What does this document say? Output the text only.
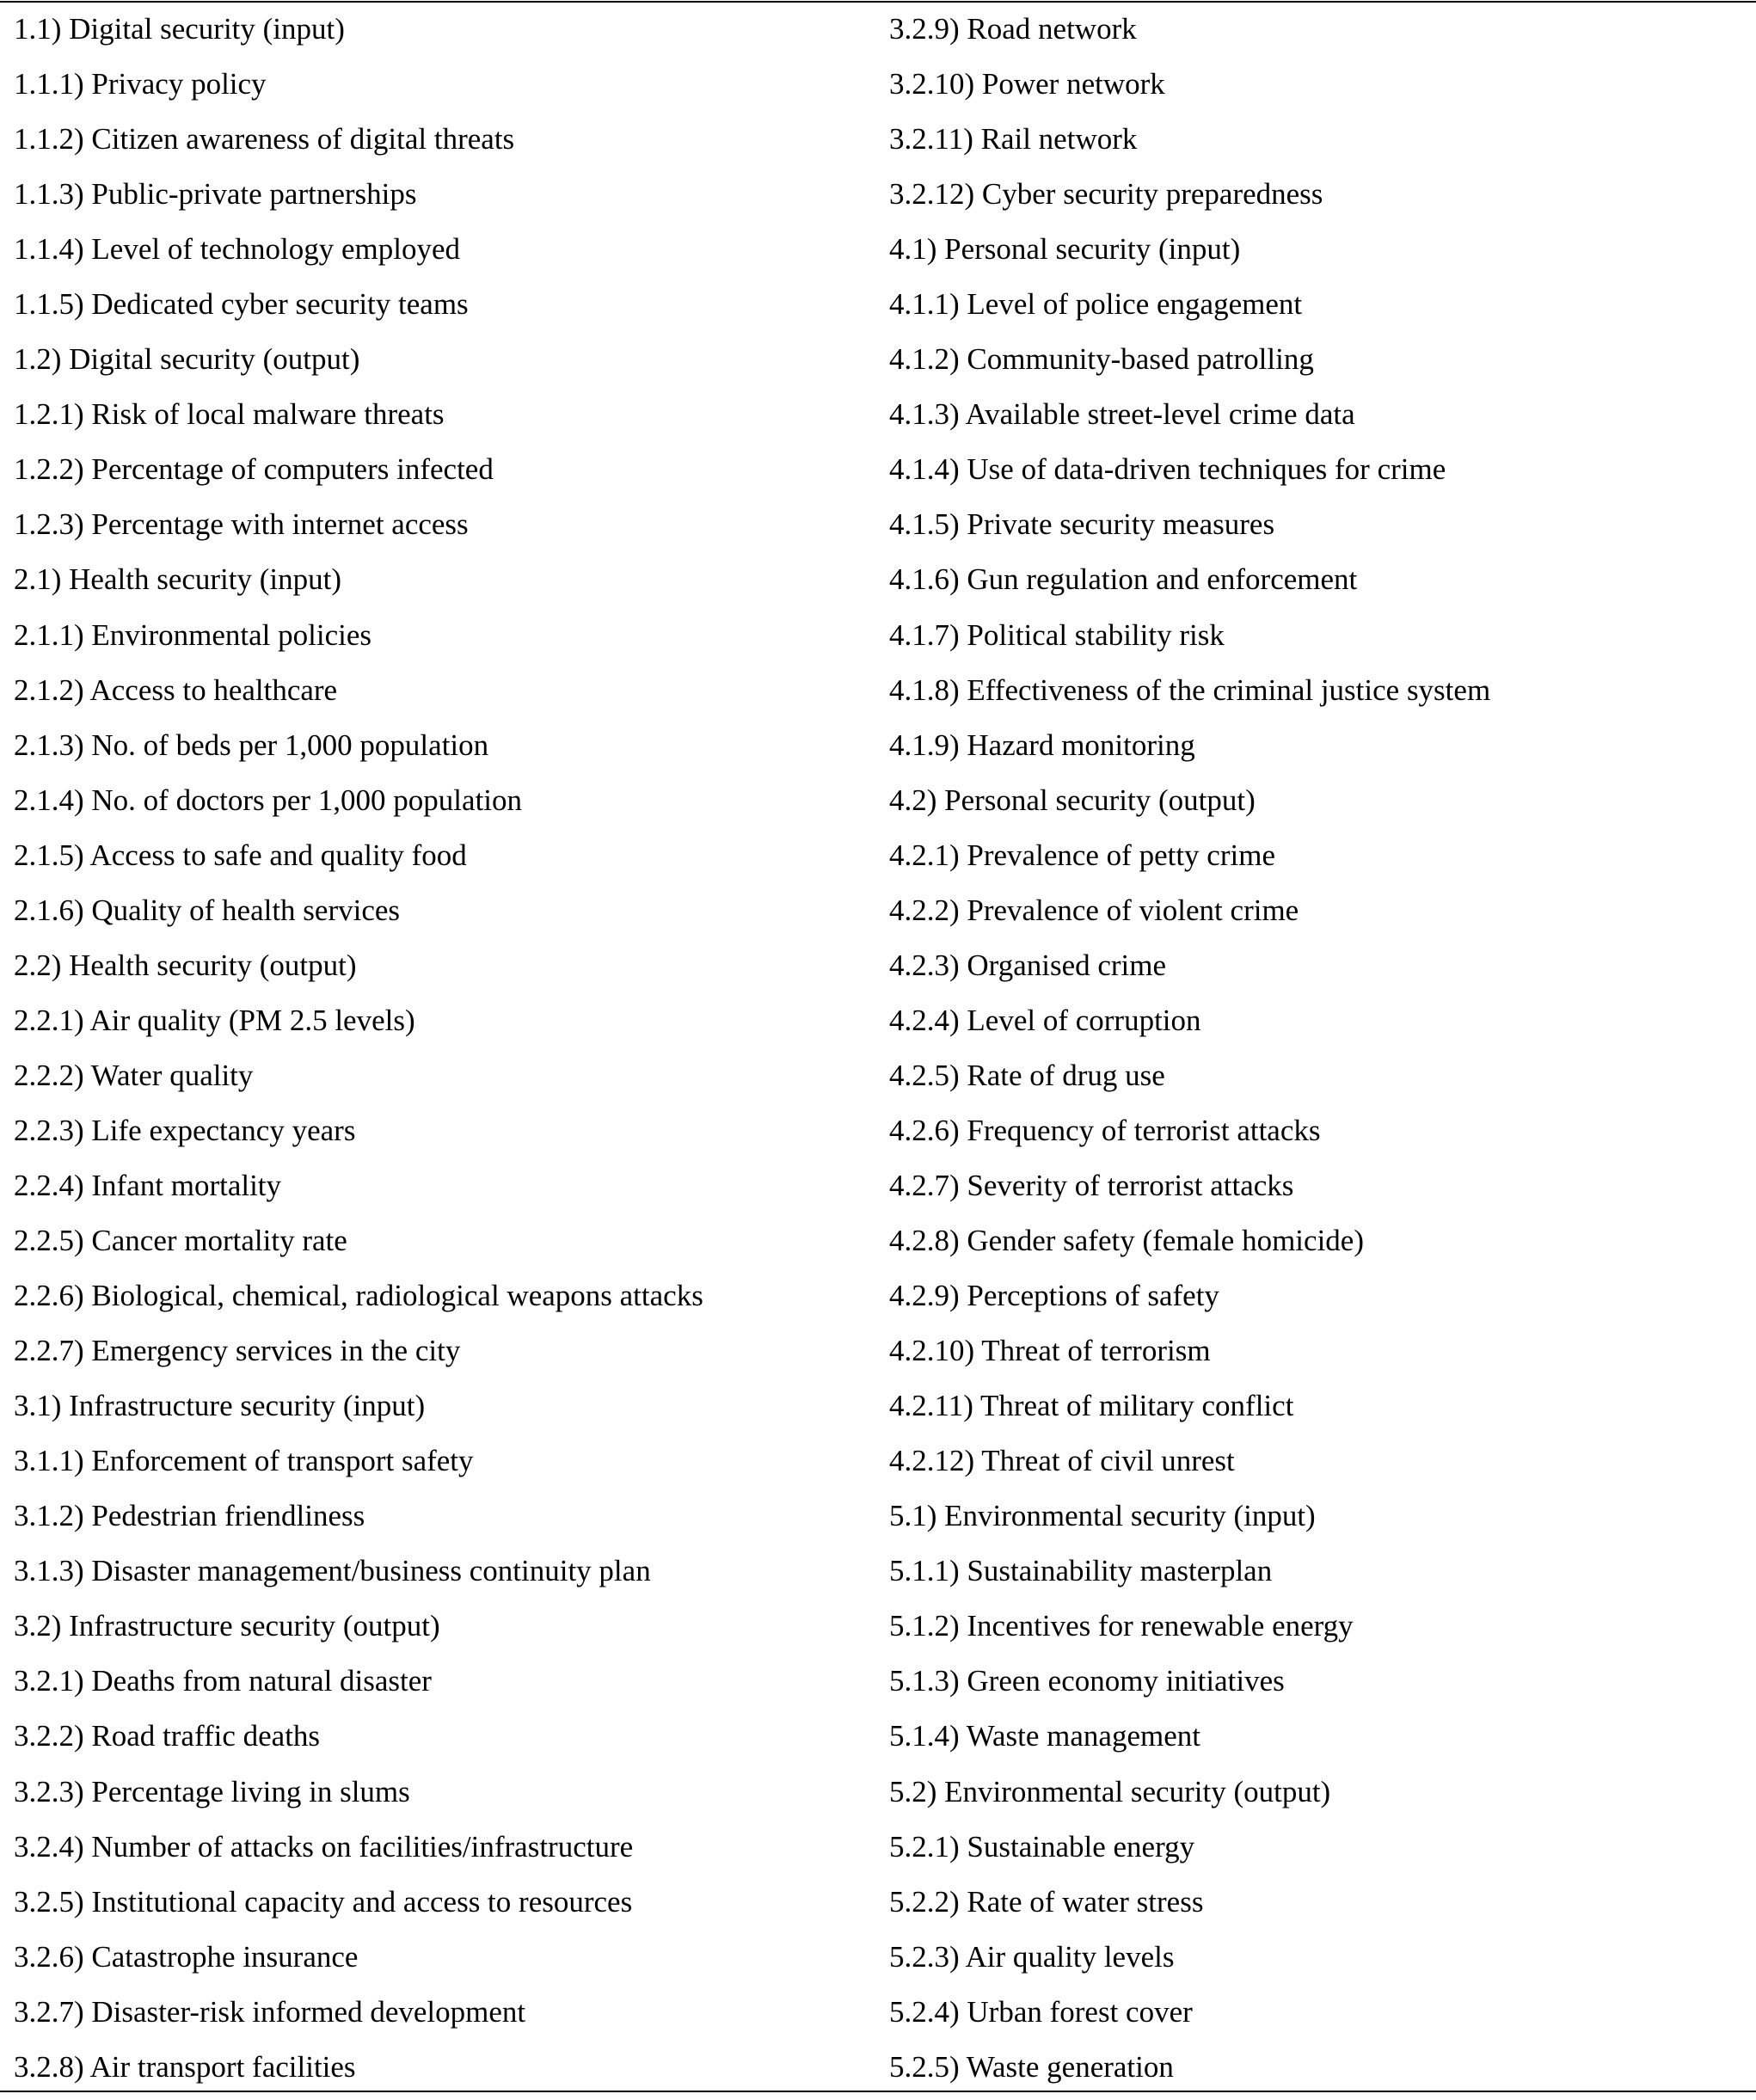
1.1) Digital security (input)
1.1.1) Privacy policy
1.1.2) Citizen awareness of digital threats
1.1.3) Public-private partnerships
1.1.4) Level of technology employed
1.1.5) Dedicated cyber security teams
1.2) Digital security (output)
1.2.1) Risk of local malware threats
1.2.2) Percentage of computers infected
1.2.3) Percentage with internet access
2.1) Health security (input)
2.1.1) Environmental policies
2.1.2) Access to healthcare
2.1.3) No. of beds per 1,000 population
2.1.4) No. of doctors per 1,000 population
2.1.5) Access to safe and quality food
2.1.6) Quality of health services
2.2) Health security (output)
2.2.1) Air quality (PM 2.5 levels)
2.2.2) Water quality
2.2.3) Life expectancy years
2.2.4) Infant mortality
2.2.5) Cancer mortality rate
2.2.6) Biological, chemical, radiological weapons attacks
2.2.7) Emergency services in the city
3.1) Infrastructure security (input)
3.1.1) Enforcement of transport safety
3.1.2) Pedestrian friendliness
3.1.3) Disaster management/business continuity plan
3.2) Infrastructure security (output)
3.2.1) Deaths from natural disaster
3.2.2) Road traffic deaths
3.2.3) Percentage living in slums
3.2.4) Number of attacks on facilities/infrastructure
3.2.5) Institutional capacity and access to resources
3.2.6) Catastrophe insurance
3.2.7) Disaster-risk informed development
3.2.8) Air transport facilities
3.2.9) Road network
3.2.10) Power network
3.2.11) Rail network
3.2.12) Cyber security preparedness
4.1) Personal security (input)
4.1.1) Level of police engagement
4.1.2) Community-based patrolling
4.1.3) Available street-level crime data
4.1.4) Use of data-driven techniques for crime
4.1.5) Private security measures
4.1.6) Gun regulation and enforcement
4.1.7) Political stability risk
4.1.8) Effectiveness of the criminal justice system
4.1.9) Hazard monitoring
4.2) Personal security (output)
4.2.1) Prevalence of petty crime
4.2.2) Prevalence of violent crime
4.2.3) Organised crime
4.2.4) Level of corruption
4.2.5) Rate of drug use
4.2.6) Frequency of terrorist attacks
4.2.7) Severity of terrorist attacks
4.2.8) Gender safety (female homicide)
4.2.9) Perceptions of safety
4.2.10) Threat of terrorism
4.2.11) Threat of military conflict
4.2.12) Threat of civil unrest
5.1) Environmental security (input)
5.1.1) Sustainability masterplan
5.1.2) Incentives for renewable energy
5.1.3) Green economy initiatives
5.1.4) Waste management
5.2) Environmental security (output)
5.2.1) Sustainable energy
5.2.2) Rate of water stress
5.2.3) Air quality levels
5.2.4) Urban forest cover
5.2.5) Waste generation
